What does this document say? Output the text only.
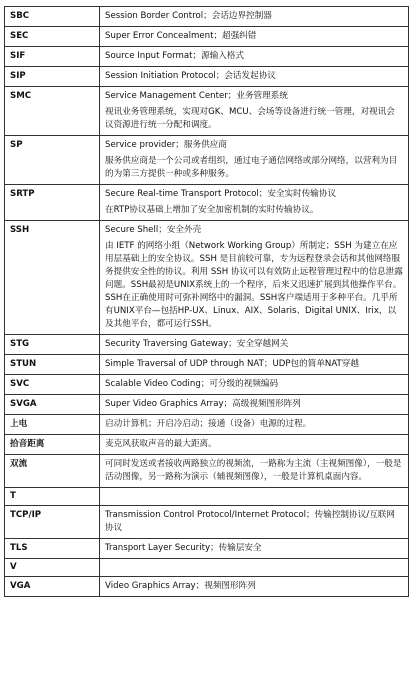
SBC	Session Border Control；会话边界控制器

SEC	Super Error Concealment；超强纠错

SIF	Source Input Format；源输入格式

SIP	Session Initiation Protocol；会话发起协议

SMC	Service Management Center；业务管理系统

视讯业务管理系统，实现对GK、MCU、会场等设备进行统一管理，对视讯会议资源进行统一分配和调度。

SP	Service provider；服务供应商

服务供应商是一个公司或者组织，通过电子通信网络或部分网络，以营利为目的为第三方提供一种或多种服务。

SRTP	Secure Real-time Transport Protocol；安全实时传输协议

在RTP协议基础上增加了安全加密机制的实时传输协议。

SSH	Secure Shell；安全外壳

由 IETF 的网络小组（Network Working Group）所制定；SSH 为建立在应用层基础上的安全协议。SSH 是目前较可靠，专为远程登录会话和其他网络服务提供安全性的协议。利用 SSH 协议可以有效防止远程管理过程中的信息泄露问题。SSH最初是UNIX系统上的一个程序，后来又迅速扩展到其他操作平台。SSH在正确使用时可弥补网络中的漏洞。SSH客户端适用于多种平台。几乎所有UNIX平台—包括HP-UX、Linux、AIX、Solaris、Digital UNIX、Irix，以及其他平台，都可运行SSH。

STG	Security Traversing Gateway；安全穿越网关

STUN	Simple Traversal of UDP through NAT；UDP包的简单NAT穿越

SVC	Scalable Video Coding；可分级的视频编码

SVGA	Super Video Graphics Array；高级视频图形阵列

上电	启动计算机；开启冷启动；接通（设备）电源的过程。

拾音距离	麦克风获取声音的最大距离。

双流	可同时发送或者接收两路独立的视频流，一路称为主流（主视频图像），一般是活动图像，另一路称为演示（辅视频图像），一般是计算机桌面内容。

T	

TCP/IP	Transmission Control Protocol/Internet Protocol；传输控制协议/互联网协议

TLS	Transport Layer Security；传输层安全

V	

VGA	Video Graphics Array；视频图形阵列
